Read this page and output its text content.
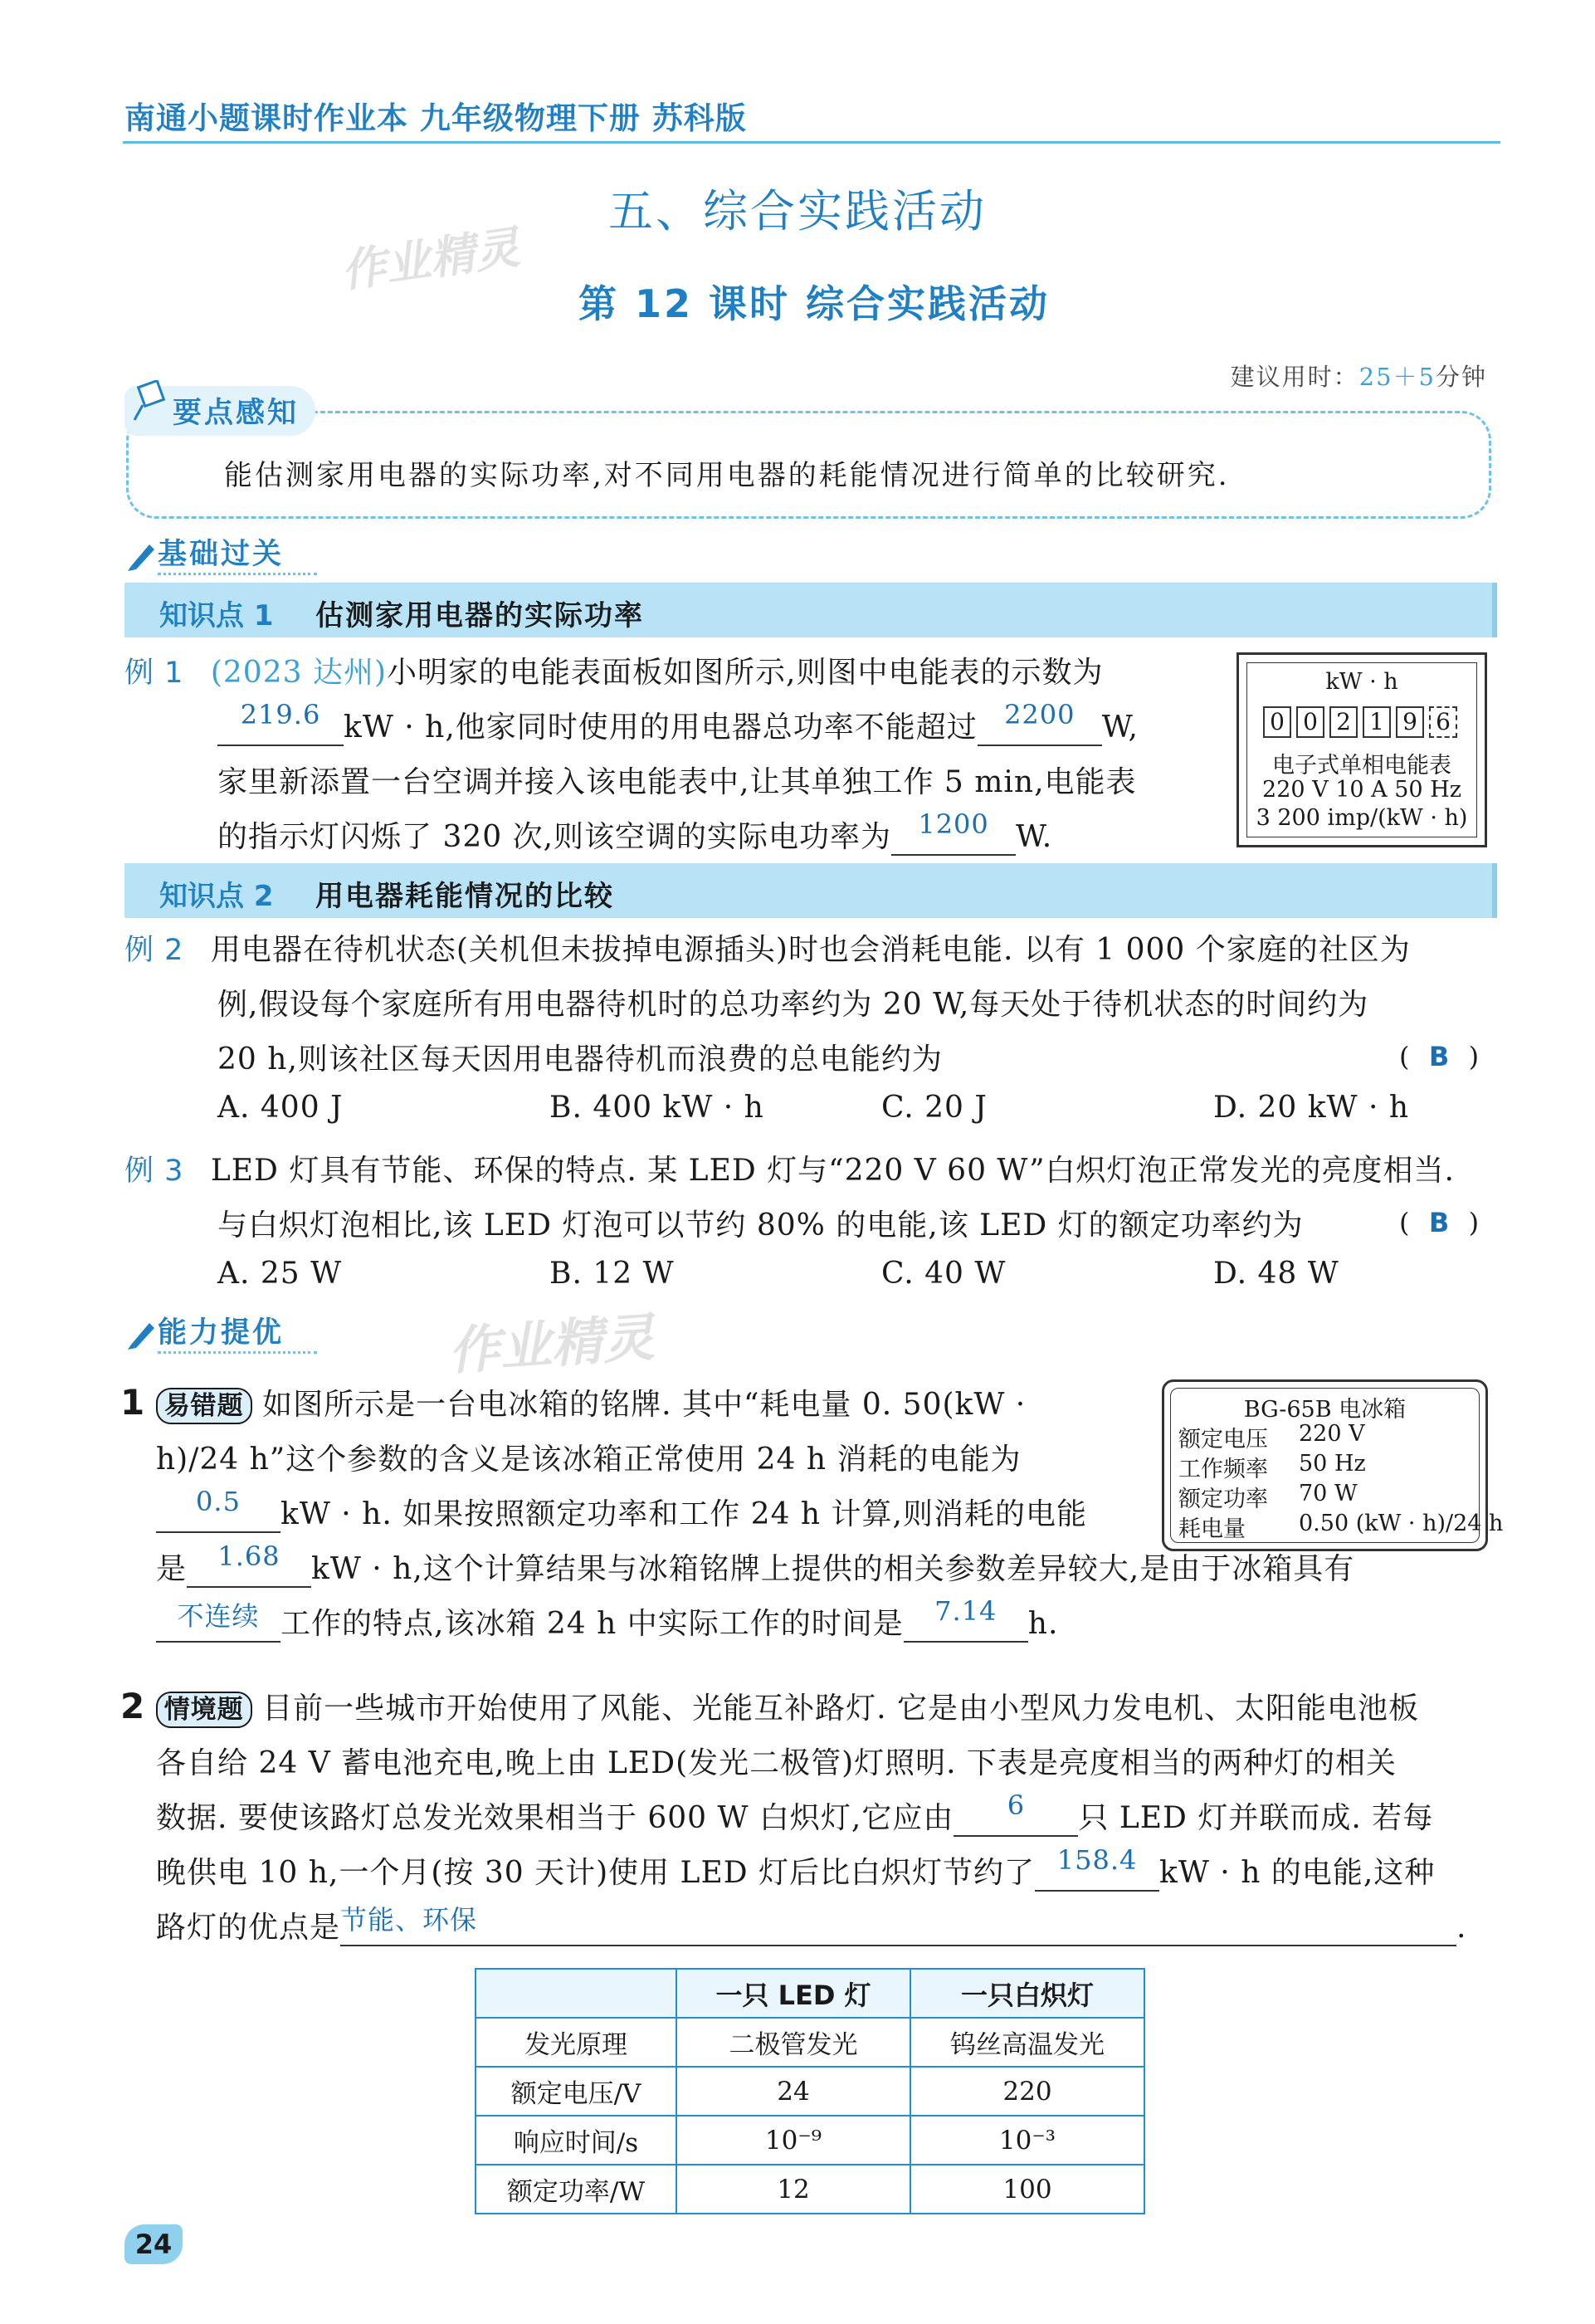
南通小题课时作业本 九年级物理下册 苏科版
作业精灵
五、综合实践活动
第 12 课时 综合实践活动
建议用时：25＋5分钟
要点感知
能估测家用电器的实际功率,对不同用电器的耗能情况进行简单的比较研究.
基础过关
知识点 1 估测家用电器的实际功率
例 1 (2023 达州)小明家的电能表面板如图所示,则图中电能表的示数为
219.6 kW · h,他家同时使用的用电器总功率不能超过	2200 W,
家里新添置一台空调并接入该电能表中,让其单独工作 5 min,电能表
的指示灯闪烁了 320 次,则该空调的实际电功率为	1200 W.
kW · h
0 0 2 1 9 6
电子式单相电能表
220 V 10 A 50 Hz
3 200 imp/(kW · h)
知识点 2 用电器耗能情况的比较
例 2 用电器在待机状态(关机但未拔掉电源插头)时也会消耗电能. 以有 1 000 个家庭的社区为
例,假设每个家庭所有用电器待机时的总功率约为 20 W,每天处于待机状态的时间约为
20 h,则该社区每天因用电器待机而浪费的总电能约为	(  B  )
A. 400 J	B. 400 kW · h	C. 20 J	D. 20 kW · h
例 3 LED 灯具有节能、环保的特点. 某 LED 灯与“220 V 60 W”白炽灯泡正常发光的亮度相当.
与白炽灯泡相比,该 LED 灯泡可以节约 80% 的电能,该 LED 灯的额定功率约为	(  B  )
A. 25 W	B. 12 W	C. 40 W	D. 48 W
能力提优	作业精灵
1 易错题 如图所示是一台电冰箱的铭牌. 其中“耗电量 0. 50(kW ·
h)/24 h”这个参数的含义是该冰箱正常使用 24 h 消耗的电能为
0.5	kW · h. 如果按照额定功率和工作 24 h 计算,则消耗的电能
是	1.68	kW · h,这个计算结果与冰箱铭牌上提供的相关参数差异较大,是由于冰箱具有
不连续 工作的特点,该冰箱 24 h 中实际工作的时间是	7.14	h.
BG-65B 电冰箱
额定电压 220 V
工作频率 50 Hz
额定功率 70 W
耗电量 0.50 (kW · h)/24 h
2 情境题 目前一些城市开始使用了风能、光能互补路灯. 它是由小型风力发电机、太阳能电池板
各自给 24 V 蓄电池充电,晚上由 LED(发光二极管)灯照明. 下表是亮度相当的两种灯的相关
数据. 要使该路灯总发光效果相当于 600 W 白炽灯,它应由	6	只 LED 灯并联而成. 若每
晚供电 10 h,一个月(按 30 天计)使用 LED 灯后比白炽灯节约了 158.4 kW · h 的电能,这种
路灯的优点是 节能、环保	.
	一只 LED 灯	一只白炽灯
发光原理	二极管发光	钨丝高温发光
额定电压/V	24	220
响应时间/s	10⁻⁹	10⁻³
额定功率/W	12	100
24
